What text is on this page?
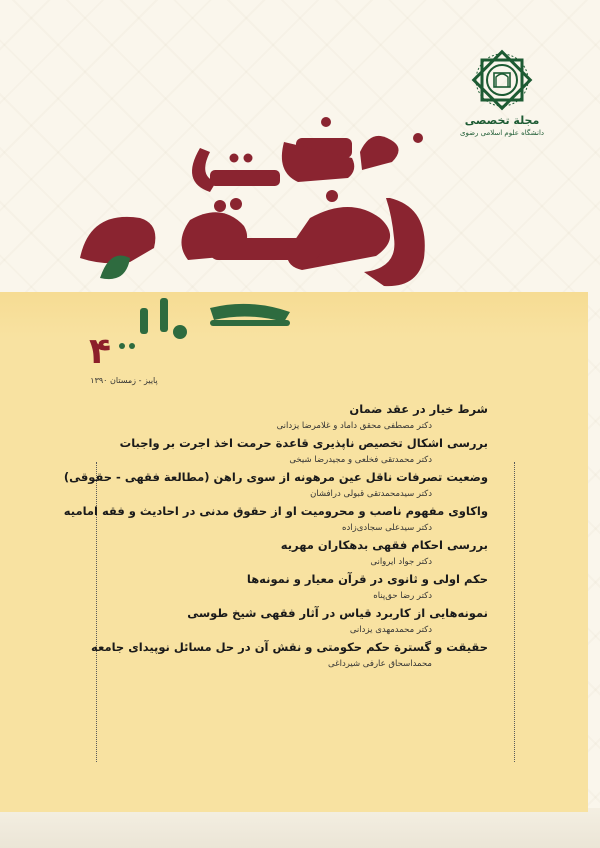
مجلة تخصصی
دانشگاه علوم اسلامی رضوی
۴
پاییز - زمستان ۱۳۹۰
شرط خیار در عقد ضمان
دکتر مصطفی محقق داماد و غلامرضا یزدانی
بررسی اشکال تخصیص ناپذیری قاعدة حرمت اخذ اجرت بر واجبات
دکتر محمدتقی فخلعی و مجیدرضا شیخی
وضعیت تصرفات ناقل عین مرهونه از سوی راهن (مطالعة فقهی - حقوقی)
دکتر سیدمحمدتقی قبولی درافشان
واکاوی مفهوم ناصب و محرومیت او از حقوق مدنی در احادیث و فقه امامیه
دکتر سیدعلی سجادی‌زاده
بررسی احکام فقهی بدهکاران مهریه
دکتر جواد ایروانی
حکم اولی و ثانوی در قرآن معیار و نمونه‌ها
دکتر رضا حق‌پناه
نمونه‌هایی از کاربرد قیاس در آثار فقهی شیخ طوسی
دکتر محمدمهدی یزدانی
حقیقت و گسترة حکم حکومتی و نقش آن در حل مسائل نوپیدای جامعه
محمداسحاق عارفی شیرداغی
